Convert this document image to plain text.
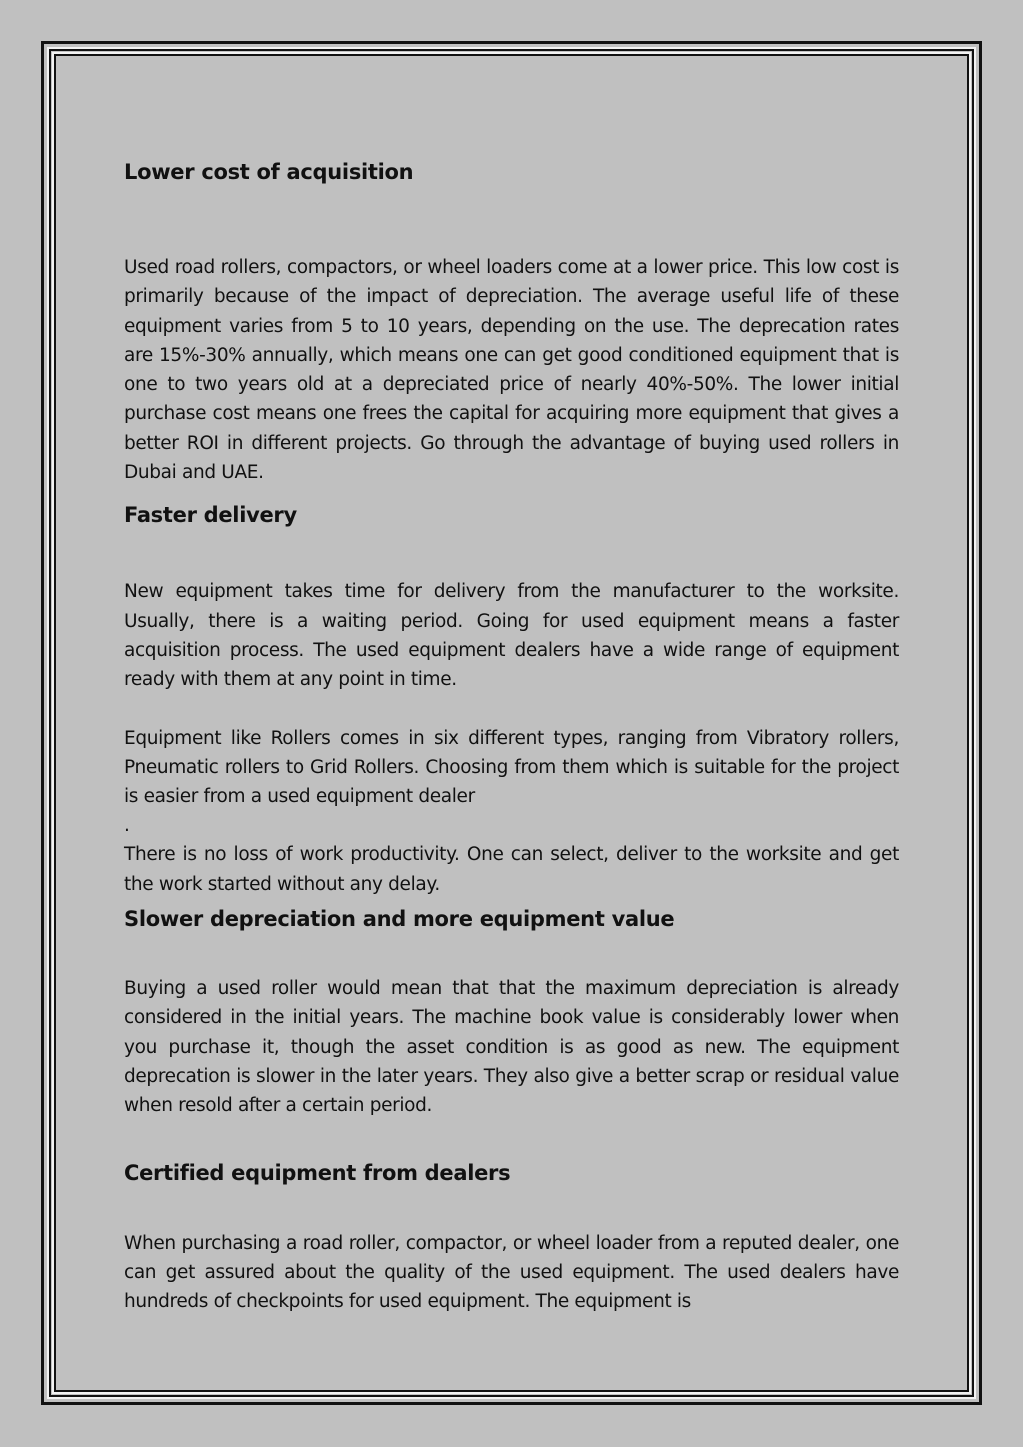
Lower cost of acquisition

Used road rollers, compactors, or wheel loaders come at a lower price. This low cost is primarily because of the impact of depreciation. The average useful life of these equipment varies from 5 to 10 years, depending on the use. The deprecation rates are 15%-30% annually, which means one can get good conditioned equipment that is one to two years old at a depreciated price of nearly 40%-50%. The lower initial purchase cost means one frees the capital for acquiring more equipment that gives a better ROI in different projects. Go through the advantage of buying used rollers in Dubai and UAE.

Faster delivery

New equipment takes time for delivery from the manufacturer to the worksite. Usually, there is a waiting period. Going for used equipment means a faster acquisition process. The used equipment dealers have a wide range of equipment ready with them at any point in time.

Equipment like Rollers comes in six different types, ranging from Vibratory rollers, Pneumatic rollers to Grid Rollers. Choosing from them which is suitable for the project is easier from a used equipment dealer

.

There is no loss of work productivity. One can select, deliver to the worksite and get the work started without any delay.

Slower depreciation and more equipment value

Buying a used roller would mean that that the maximum depreciation is already considered in the initial years. The machine book value is considerably lower when you purchase it, though the asset condition is as good as new. The equipment deprecation is slower in the later years. They also give a better scrap or residual value when resold after a certain period.

Certified equipment from dealers

When purchasing a road roller, compactor, or wheel loader from a reputed dealer, one can get assured about the quality of the used equipment. The used dealers have hundreds of checkpoints for used equipment. The equipment is
